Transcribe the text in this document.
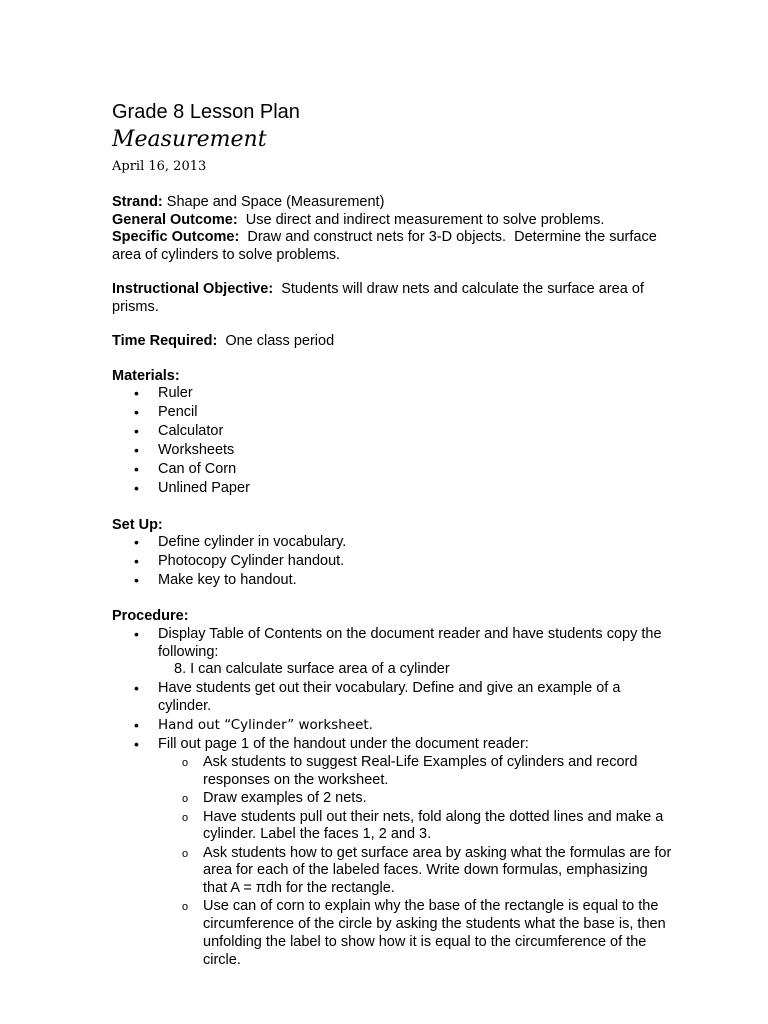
Grade 8 Lesson Plan
Measurement
April 16, 2013
Strand: Shape and Space (Measurement)
General Outcome:  Use direct and indirect measurement to solve problems.
Specific Outcome:  Draw and construct nets for 3-D objects.  Determine the surface area of cylinders to solve problems.
Instructional Objective:  Students will draw nets and calculate the surface area of prisms.
Time Required:  One class period
Materials:
• Ruler
• Pencil
• Calculator
• Worksheets
• Can of Corn
• Unlined Paper
Set Up:
• Define cylinder in vocabulary.
• Photocopy Cylinder handout.
• Make key to handout.
Procedure:
• Display Table of Contents on the document reader and have students copy the following:
8. I can calculate surface area of a cylinder
• Have students get out their vocabulary. Define and give an example of a cylinder.
• Hand out “Cylinder” worksheet.
• Fill out page 1 of the handout under the document reader:
o Ask students to suggest Real-Life Examples of cylinders and record responses on the worksheet.
o Draw examples of 2 nets.
o Have students pull out their nets, fold along the dotted lines and make a cylinder. Label the faces 1, 2 and 3.
o Ask students how to get surface area by asking what the formulas are for area for each of the labeled faces. Write down formulas, emphasizing that A = πdh for the rectangle.
o Use can of corn to explain why the base of the rectangle is equal to the circumference of the circle by asking the students what the base is, then unfolding the label to show how it is equal to the circumference of the circle.
